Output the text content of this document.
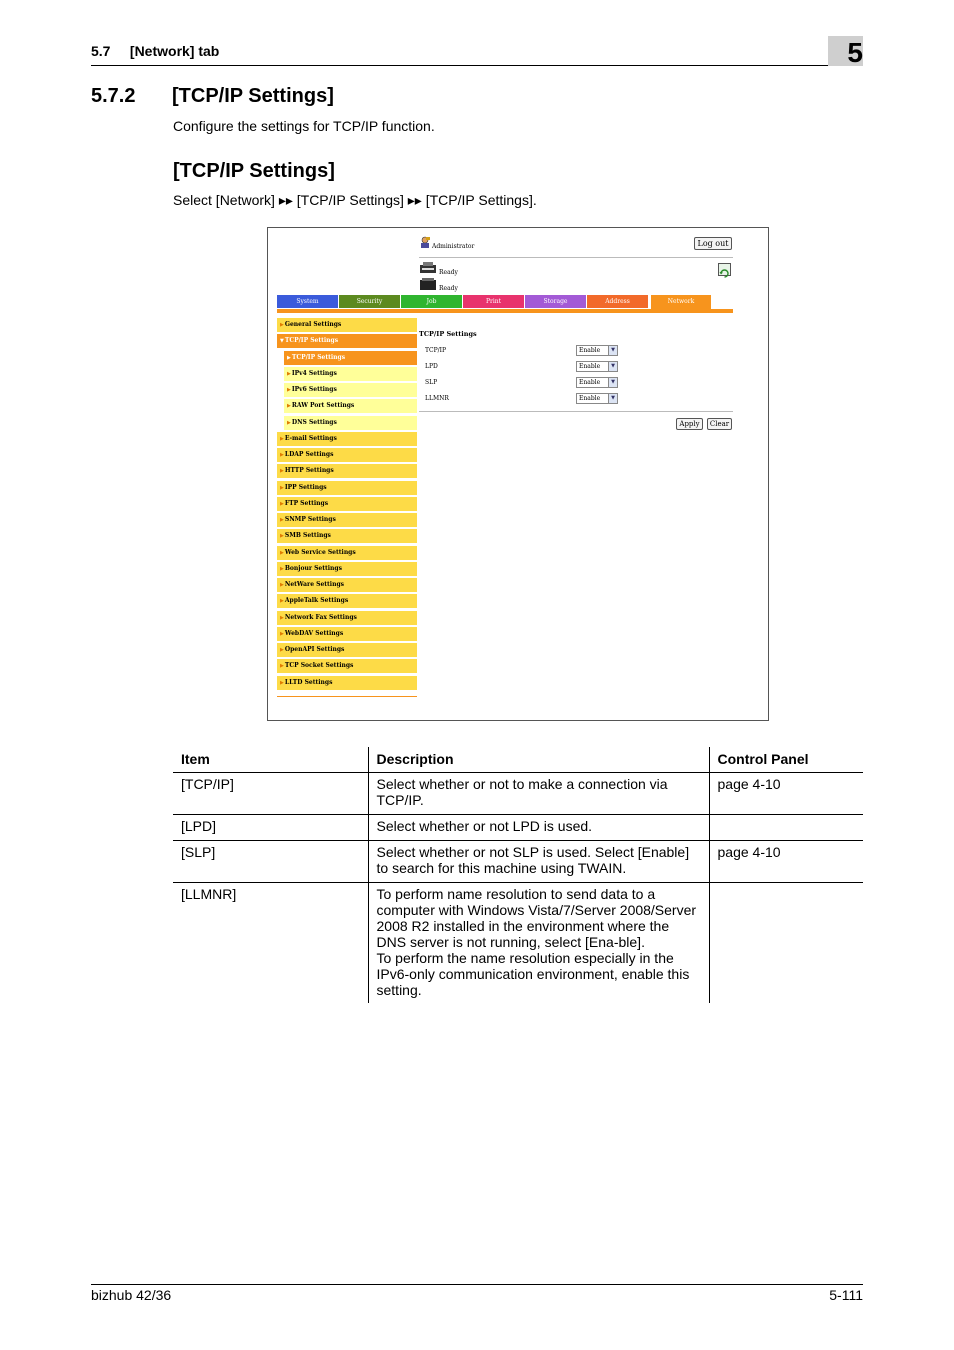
5.7     [Network] tab	5
5.7.2 [TCP/IP Settings]
Configure the settings for TCP/IP function.
[TCP/IP Settings]
Select [Network] ▸▸ [TCP/IP Settings] ▸▸ [TCP/IP Settings].
Administrator	Log out
Ready
Ready
System	Security	Job	Print	Storage	Address	Network
▶General Settings
▼TCP/IP Settings
▶TCP/IP Settings
▶IPv4 Settings
▶IPv6 Settings
▶RAW Port Settings
▶DNS Settings
▶E-mail Settings
▶LDAP Settings
▶HTTP Settings
▶IPP Settings
▶FTP Settings
▶SNMP Settings
▶SMB Settings
▶Web Service Settings
▶Bonjour Settings
▶NetWare Settings
▶AppleTalk Settings
▶Network Fax Settings
▶WebDAV Settings
▶OpenAPI Settings
▶TCP Socket Settings
▶LLTD Settings
TCP/IP Settings
TCP/IP	Enable	▼
LPD	Enable	▼
SLP	Enable	▼
LLMNR	Enable	▼
Apply	Clear
Item	Description	Control Panel
[TCP/IP]	Select whether or not to make a connection via TCP/IP.	page 4-10
[LPD]	Select whether or not LPD is used.	
[SLP]	Select whether or not SLP is used. Select [Enable] to search for this machine using TWAIN.	page 4-10
[LLMNR]	To perform name resolution to send data to a computer with Windows Vista/7/Server 2008/Server 2008 R2 installed in the environment where the DNS server is not running, select [Ena-ble].
To perform the name resolution especially in the IPv6-only communication environment, enable this setting.	
bizhub 42/36	5-111
